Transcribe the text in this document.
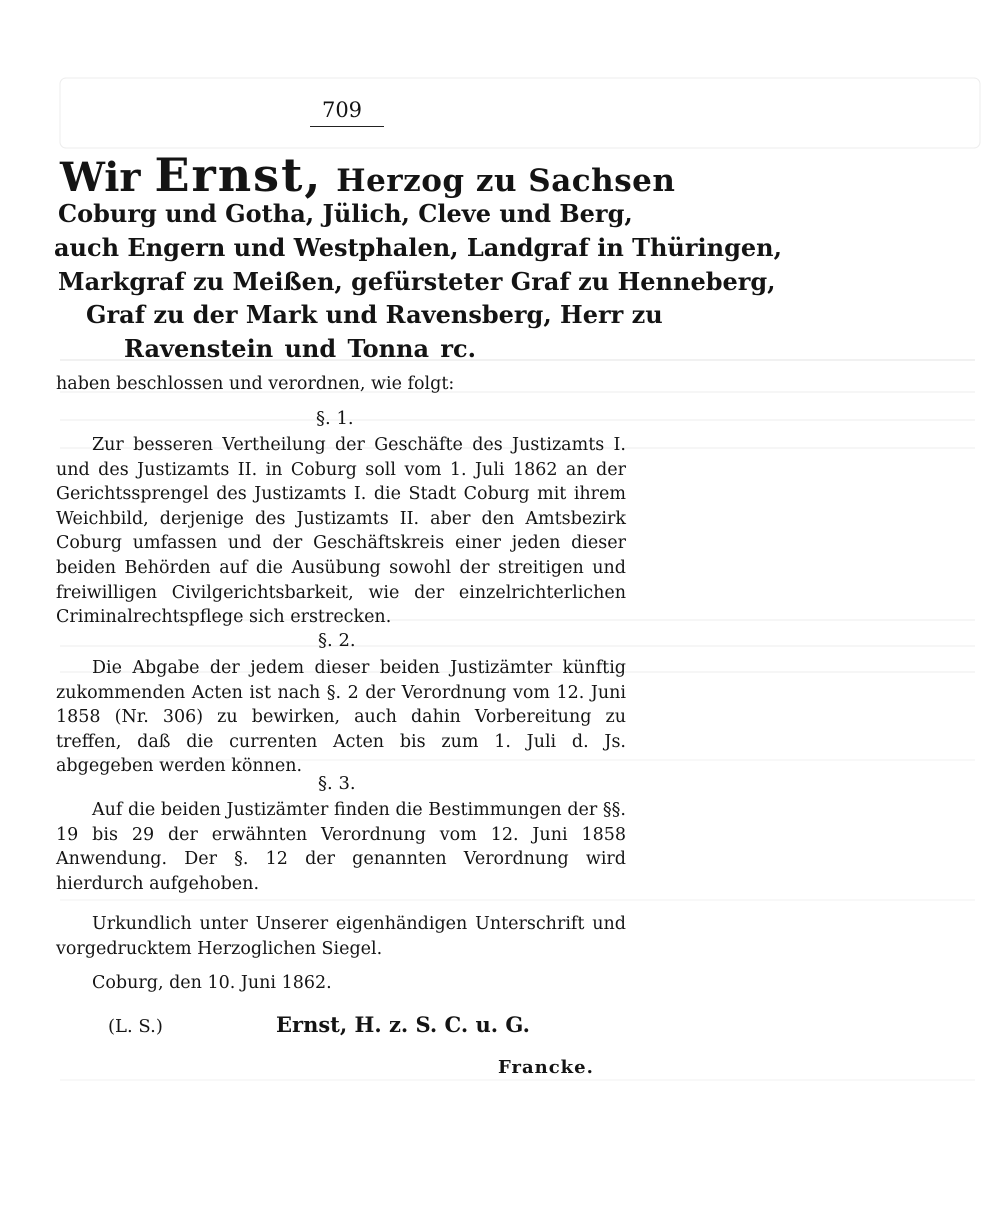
709
Wir Ernst, Herzog zu Sachsen
Coburg und Gotha, Jülich, Cleve und Berg,
auch Engern und Westphalen, Landgraf in Thüringen,
Markgraf zu Meißen, gefürsteter Graf zu Henneberg,
Graf zu der Mark und Ravensberg, Herr zu
Ravenstein und Tonna rc.
haben beschlossen und verordnen, wie folgt:
§. 1.
Zur besseren Vertheilung der Geschäfte des Justizamts I. und des Justizamts II. in Coburg soll vom 1. Juli 1862 an der Gerichtssprengel des Justizamts I. die Stadt Coburg mit ihrem Weichbild, derjenige des Justizamts II. aber den Amtsbezirk Coburg umfassen und der Geschäftskreis einer jeden dieser beiden Behörden auf die Ausübung sowohl der streitigen und freiwilligen Civilgerichtsbarkeit, wie der einzelrichterlichen Criminalrechtspflege sich erstrecken.
§. 2.
Die Abgabe der jedem dieser beiden Justizämter künftig zukommenden Acten ist nach §. 2 der Verordnung vom 12. Juni 1858 (Nr. 306) zu bewirken, auch dahin Vorbereitung zu treffen, daß die currenten Acten bis zum 1. Juli d. Js. abgegeben werden können.
§. 3.
Auf die beiden Justizämter finden die Bestimmungen der §§. 19 bis 29 der erwähnten Verordnung vom 12. Juni 1858 Anwendung. Der §. 12 der genannten Verordnung wird hierdurch aufgehoben.
Urkundlich unter Unserer eigenhändigen Unterschrift und vorgedrucktem Herzoglichen Siegel.
Coburg, den 10. Juni 1862.
(L. S.)	Ernst, H. z. S. C. u. G.
Francke.
